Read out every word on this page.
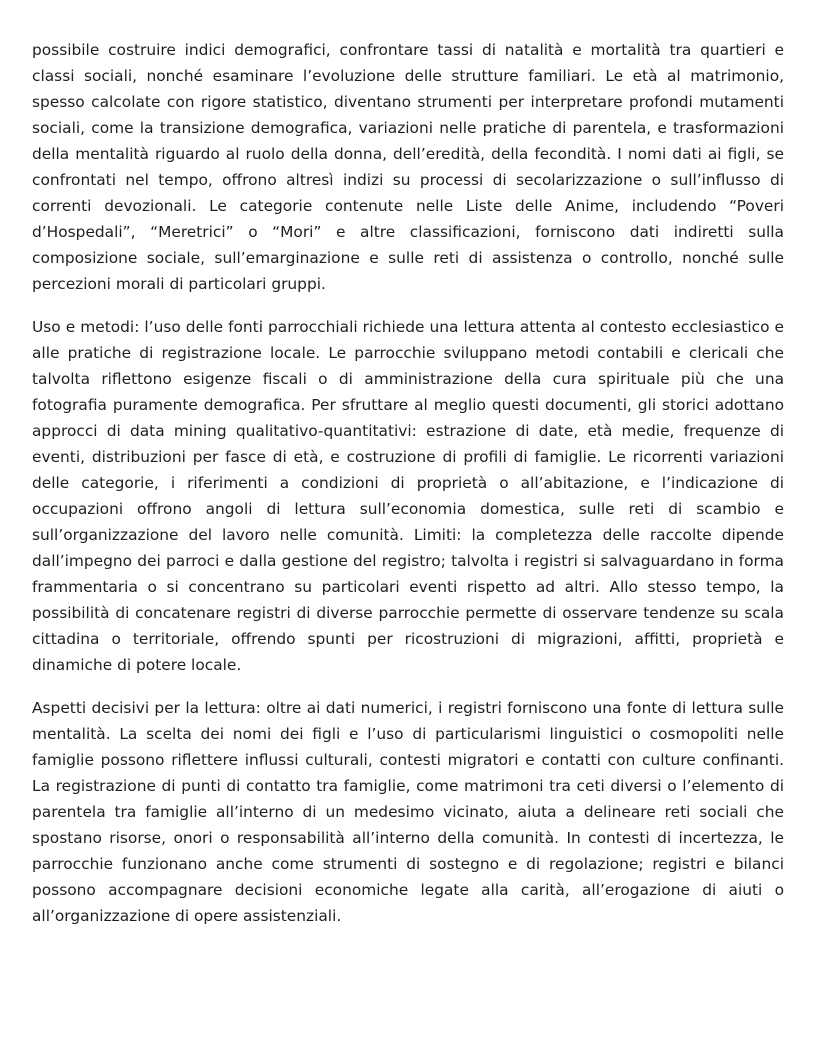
possibile costruire indici demografici, confrontare tassi di natalità e mortalità tra quartieri e classi sociali, nonché esaminare l’evoluzione delle strutture familiari. Le età al matrimonio, spesso calcolate con rigore statistico, diventano strumenti per interpretare profondi mutamenti sociali, come la transizione demografica, variazioni nelle pratiche di parentela, e trasformazioni della mentalità riguardo al ruolo della donna, dell’eredità, della fecondità. I nomi dati ai figli, se confrontati nel tempo, offrono altresì indizi su processi di secolarizzazione o sull’influsso di correnti devozionali. Le categorie contenute nelle Liste delle Anime, includendo “Poveri d’Hospedali”, “Meretrici” o “Mori” e altre classificazioni, forniscono dati indiretti sulla composizione sociale, sull’emarginazione e sulle reti di assistenza o controllo, nonché sulle percezioni morali di particolari gruppi.

Uso e metodi: l’uso delle fonti parrocchiali richiede una lettura attenta al contesto ecclesiastico e alle pratiche di registrazione locale. Le parrocchie sviluppano metodi contabili e clericali che talvolta riflettono esigenze fiscali o di amministrazione della cura spirituale più che una fotografia puramente demografica. Per sfruttare al meglio questi documenti, gli storici adottano approcci di data mining qualitativo-quantitativi: estrazione di date, età medie, frequenze di eventi, distribuzioni per fasce di età, e costruzione di profili di famiglie. Le ricorrenti variazioni delle categorie, i riferimenti a condizioni di proprietà o all’abitazione, e l’indicazione di occupazioni offrono angoli di lettura sull’economia domestica, sulle reti di scambio e sull’organizzazione del lavoro nelle comunità. Limiti: la completezza delle raccolte dipende dall’impegno dei parroci e dalla gestione del registro; talvolta i registri si salvaguardano in forma frammentaria o si concentrano su particolari eventi rispetto ad altri. Allo stesso tempo, la possibilità di concatenare registri di diverse parrocchie permette di osservare tendenze su scala cittadina o territoriale, offrendo spunti per ricostruzioni di migrazioni, affitti, proprietà e dinamiche di potere locale.

Aspetti decisivi per la lettura: oltre ai dati numerici, i registri forniscono una fonte di lettura sulle mentalità. La scelta dei nomi dei figli e l’uso di particularismi linguistici o cosmopoliti nelle famiglie possono riflettere influssi culturali, contesti migratori e contatti con culture confinanti. La registrazione di punti di contatto tra famiglie, come matrimoni tra ceti diversi o l’elemento di parentela tra famiglie all’interno di un medesimo vicinato, aiuta a delineare reti sociali che spostano risorse, onori o responsabilità all’interno della comunità. In contesti di incertezza, le parrocchie funzionano anche come strumenti di sostegno e di regolazione; registri e bilanci possono accompagnare decisioni economiche legate alla carità, all’erogazione di aiuti o all’organizzazione di opere assistenziali.
